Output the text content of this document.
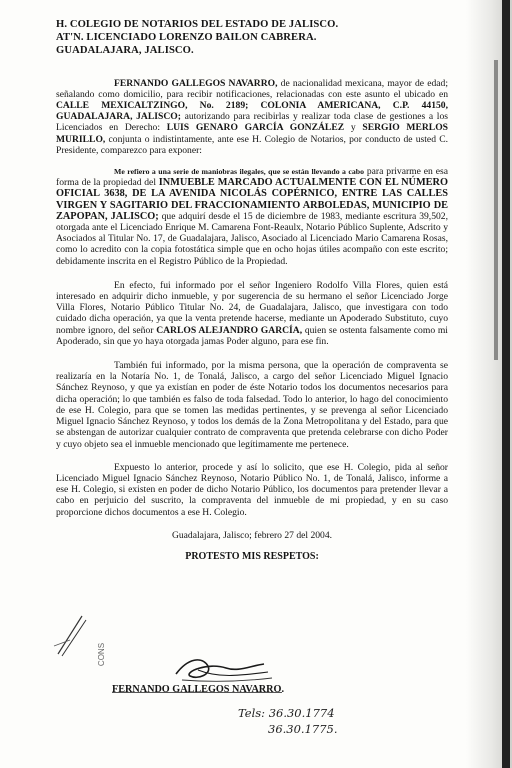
H. COLEGIO DE NOTARIOS DEL ESTADO DE JALISCO.
AT'N. LICENCIADO LORENZO BAILON CABRERA.
GUADALAJARA, JALISCO.

FERNANDO GALLEGOS NAVARRO, de nacionalidad mexicana, mayor de edad; señalando como domicilio, para recibir notificaciones, relacionadas con este asunto el ubicado en CALLE MEXICALTZINGO, No. 2189; COLONIA AMERICANA, C.P. 44150, GUADALAJARA, JALISCO; autorizando para recibirlas y realizar toda clase de gestiones a los Licenciados en Derecho: LUIS GENARO GARCÍA GONZÁLEZ y SERGIO MERLOS MURILLO, conjunta o indistintamente, ante ese H. Colegio de Notarios, por conducto de usted C. Presidente, comparezco para exponer:

Me refiero a una serie de maniobras ilegales, que se están llevando a cabo para privarme en esa forma de la propiedad del INMUEBLE MARCADO ACTUALMENTE CON EL NÚMERO OFICIAL 3638, DE LA AVENIDA NICOLÁS COPÉRNICO, ENTRE LAS CALLES VIRGEN Y SAGITARIO DEL FRACCIONAMIENTO ARBOLEDAS, MUNICIPIO DE ZAPOPAN, JALISCO; que adquirí desde el 15 de diciembre de 1983, mediante escritura 39,502, otorgada ante el Licenciado Enrique M. Camarena Font-Reaulx, Notario Público Suplente, Adscrito y Asociados al Titular No. 17, de Guadalajara, Jalisco, Asociado al Licenciado Mario Camarena Rosas, como lo acredito con la copia fotostática simple que en ocho hojas útiles acompaño con este escrito; debidamente inscrita en el Registro Público de la Propiedad.

En efecto, fui informado por el señor Ingeniero Rodolfo Villa Flores, quien está interesado en adquirir dicho inmueble, y por sugerencia de su hermano el señor Licenciado Jorge Villa Flores, Notario Público Titular No. 24, de Guadalajara, Jalisco, que investigara con todo cuidado dicha operación, ya que la venta pretende hacerse, mediante un Apoderado Substituto, cuyo nombre ignoro, del señor CARLOS ALEJANDRO GARCÍA, quien se ostenta falsamente como mi Apoderado, sin que yo haya otorgada jamas Poder alguno, para ese fin.

También fui informado, por la misma persona, que la operación de compraventa se realizaría en la Notaría No. 1, de Tonalá, Jalisco, a cargo del señor Licenciado Miguel Ignacio Sánchez Reynoso, y que ya existían en poder de éste Notario todos los documentos necesarios para dicha operación; lo que también es falso de toda falsedad. Todo lo anterior, lo hago del conocimiento de ese H. Colegio, para que se tomen las medidas pertinentes, y se prevenga al señor Licenciado Miguel Ignacio Sánchez Reynoso, y todos los demás de la Zona Metropolitana y del Estado, para que se abstengan de autorizar cualquier contrato de compraventa que pretenda celebrarse con dicho Poder y cuyo objeto sea el inmueble mencionado que legítimamente me pertenece.

Expuesto lo anterior, procede y así lo solicito, que ese H. Colegio, pida al señor Licenciado Miguel Ignacio Sánchez Reynoso, Notario Público No. 1, de Tonalá, Jalisco, informe a ese H. Colegio, si existen en poder de dicho Notario Público, los documentos para pretender llevar a cabo en perjuicio del suscrito, la compraventa del inmueble de mi propiedad, y en su caso proporcione dichos documentos a ese H. Colegio.

Guadalajara, Jalisco; febrero 27 del 2004.
PROTESTO MIS RESPETOS:
CONS
FERNANDO GALLEGOS NAVARRO.
Tels: 36.30.1774
36.30.1775.
